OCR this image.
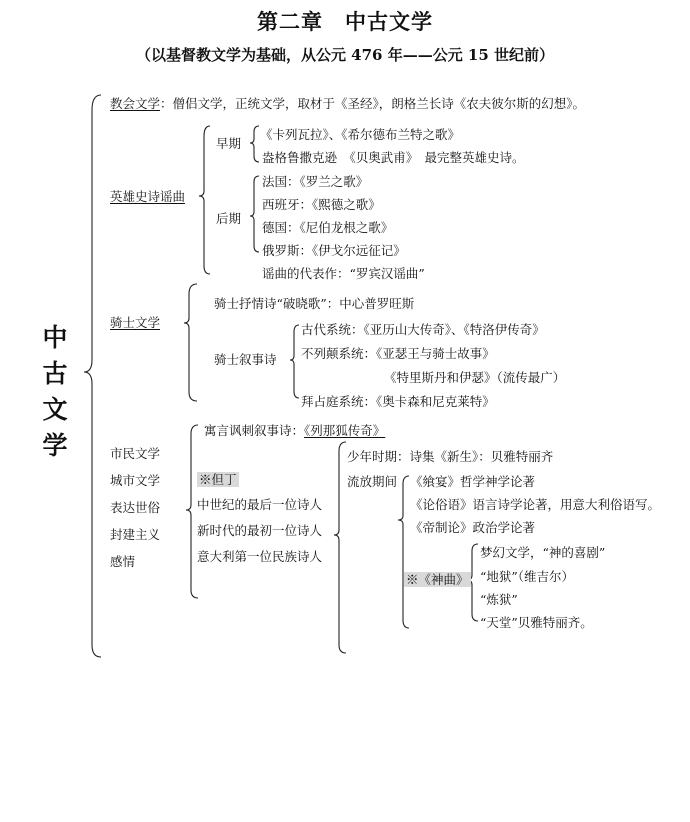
第二章　中古文学
（以基督教文学为基础，从公元 476 年——公元 15 世纪前）
中
古
文
学
教会文学：僧侣文学，正统文学，取材于《圣经》，朗格兰长诗《农夫彼尔斯的幻想》。
英雄史诗谣曲
早期
《卡列瓦拉》、《希尔德布兰特之歌》
盎格鲁撒克逊　《贝奥武甫》　最完整英雄史诗。
后期
法国：《罗兰之歌》
西班牙：《熙德之歌》
德国：《尼伯龙根之歌》
俄罗斯：《伊戈尔远征记》
谣曲的代表作：“罗宾汉谣曲”
骑士文学
骑士抒情诗“破晓歌”：中心普罗旺斯
骑士叙事诗
古代系统：《亚历山大传奇》、《特洛伊传奇》
不列颠系统：《亚瑟王与骑士故事》
《特里斯丹和伊瑟》（流传最广）
拜占庭系统：《奥卡森和尼克莱特》
市民文学
城市文学
表达世俗
封建主义
感情
寓言讽刺叙事诗：《列那狐传奇》
※但丁
中世纪的最后一位诗人
新时代的最初一位诗人
意大利第一位民族诗人
少年时期：诗集《新生》：贝雅特丽齐
流放期间 《飨宴》哲学神学论著
《论俗语》语言诗学论著，用意大利俗语写。
《帝制论》政治学论著
※《神曲》
梦幻文学，“神的喜剧”
“地狱”（维吉尔）
“炼狱”
“天堂”贝雅特丽齐。
